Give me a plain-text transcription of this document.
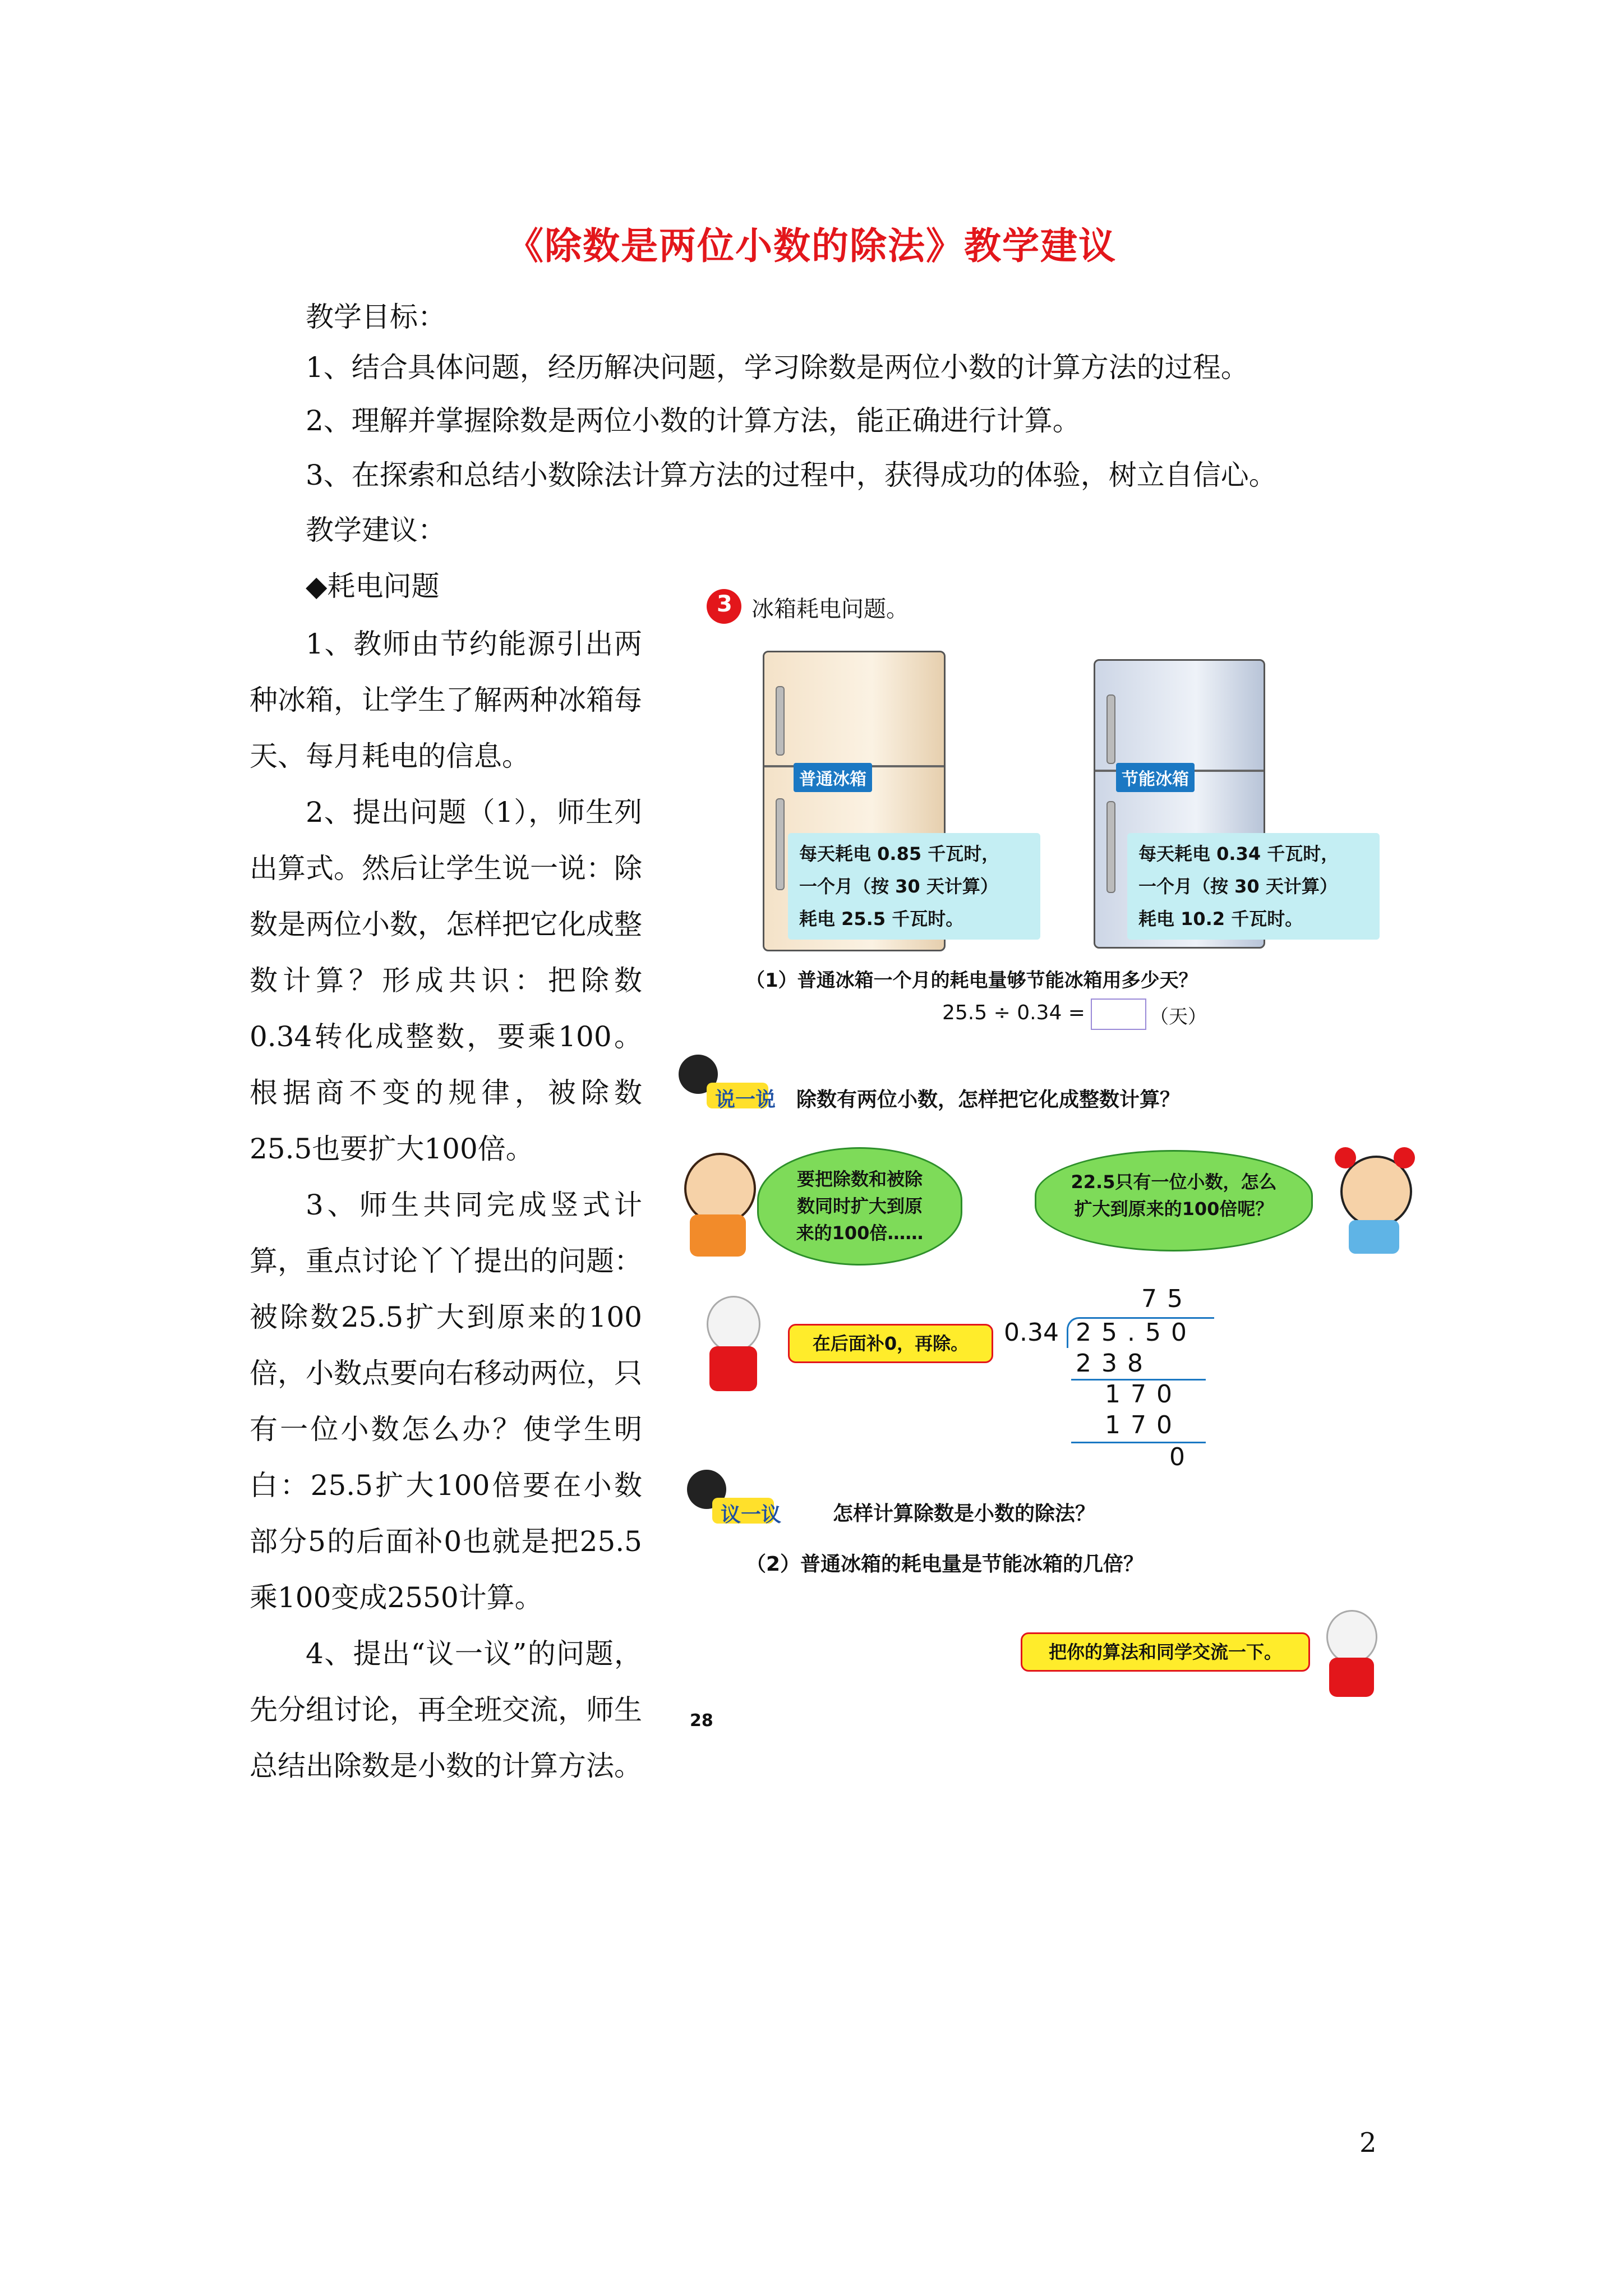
《除数是两位小数的除法》教学建议
教学目标：
1、结合具体问题，经历解决问题，学习除数是两位小数的计算方法的过程。
2、理解并掌握除数是两位小数的计算方法，能正确进行计算。
3、在探索和总结小数除法计算方法的过程中，获得成功的体验，树立自信心。
教学建议：
◆耗电问题

1、教师由节约能源引出两种冰箱，让学生了解两种冰箱每天、每月耗电的信息。

2、提出问题（1），师生列出算式。然后让学生说一说：除数是两位小数，怎样把它化成整数计算？形成共识：把除数0.34转化成整数，要乘100。根据商不变的规律，被除数25.5也要扩大100倍。

3、师生共同完成竖式计算，重点讨论丫丫提出的问题：被除数25.5扩大到原来的100倍，小数点要向右移动两位，只有一位小数怎么办？使学生明白：25.5扩大100倍要在小数部分5的后面补0也就是把25.5乘100变成2550计算。

4、提出“议一议”的问题，先分组讨论，再全班交流，师生总结出除数是小数的计算方法。

3 冰箱耗电问题。
普通冰箱
每天耗电 0.85 千瓦时，
一个月（按 30 天计算）
耗电 25.5 千瓦时。
节能冰箱
每天耗电 0.34 千瓦时，
一个月（按 30 天计算）
耗电 10.2 千瓦时。
（1）普通冰箱一个月的耗电量够节能冰箱用多少天？
25.5 ÷ 0.34 =	（天）
说一说 除数有两位小数，怎样把它化成整数计算？
要把除数和被除
数同时扩大到原
来的100倍……
22.5只有一位小数，怎么
扩大到原来的100倍呢？
在后面补0，再除。
75
0.34 25.50
238
170
170
0
议一议	怎样计算除数是小数的除法？
（2）普通冰箱的耗电量是节能冰箱的几倍？
把你的算法和同学交流一下。
28
2
